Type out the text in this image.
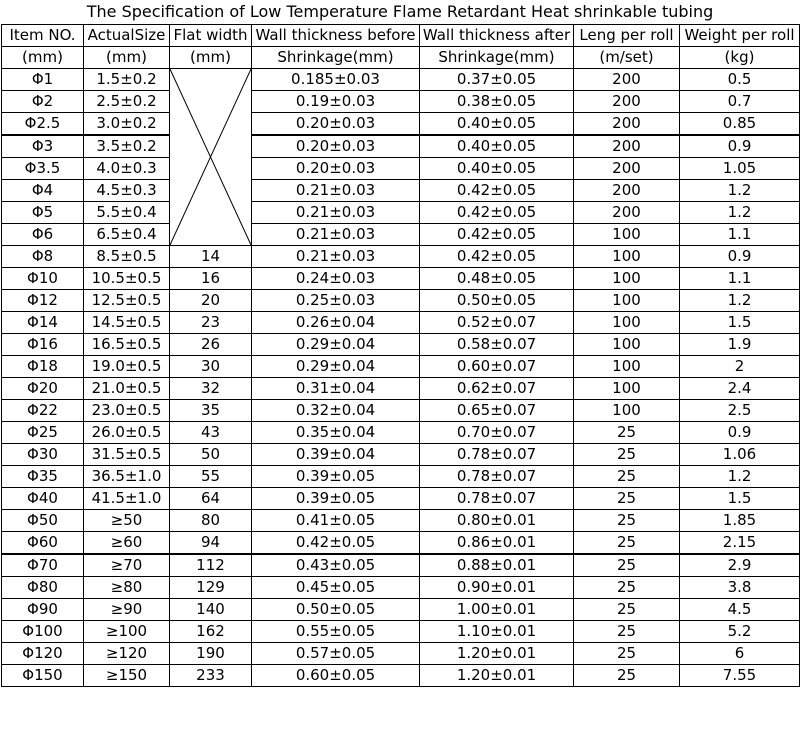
The Specification of Low Temperature Flame Retardant Heat shrinkable tubing
Item NO.	ActualSize	Flat width	Wall thickness before	Wall thickness after	Leng per roll	Weight per roll
(mm)	(mm)	(mm)	Shrinkage(mm)	Shrinkage(mm)	(m/set)	(kg)
Φ1	1.5±0.2		0.185±0.03	0.37±0.05	200	0.5
Φ2	2.5±0.2		0.19±0.03	0.38±0.05	200	0.7
Φ2.5	3.0±0.2		0.20±0.03	0.40±0.05	200	0.85
Φ3	3.5±0.2		0.20±0.03	0.40±0.05	200	0.9
Φ3.5	4.0±0.3		0.20±0.03	0.40±0.05	200	1.05
Φ4	4.5±0.3		0.21±0.03	0.42±0.05	200	1.2
Φ5	5.5±0.4		0.21±0.03	0.42±0.05	200	1.2
Φ6	6.5±0.4		0.21±0.03	0.42±0.05	100	1.1
Φ8	8.5±0.5	14	0.21±0.03	0.42±0.05	100	0.9
Φ10	10.5±0.5	16	0.24±0.03	0.48±0.05	100	1.1
Φ12	12.5±0.5	20	0.25±0.03	0.50±0.05	100	1.2
Φ14	14.5±0.5	23	0.26±0.04	0.52±0.07	100	1.5
Φ16	16.5±0.5	26	0.29±0.04	0.58±0.07	100	1.9
Φ18	19.0±0.5	30	0.29±0.04	0.60±0.07	100	2
Φ20	21.0±0.5	32	0.31±0.04	0.62±0.07	100	2.4
Φ22	23.0±0.5	35	0.32±0.04	0.65±0.07	100	2.5
Φ25	26.0±0.5	43	0.35±0.04	0.70±0.07	25	0.9
Φ30	31.5±0.5	50	0.39±0.04	0.78±0.07	25	1.06
Φ35	36.5±1.0	55	0.39±0.05	0.78±0.07	25	1.2
Φ40	41.5±1.0	64	0.39±0.05	0.78±0.07	25	1.5
Φ50	≥50	80	0.41±0.05	0.80±0.01	25	1.85
Φ60	≥60	94	0.42±0.05	0.86±0.01	25	2.15
Φ70	≥70	112	0.43±0.05	0.88±0.01	25	2.9
Φ80	≥80	129	0.45±0.05	0.90±0.01	25	3.8
Φ90	≥90	140	0.50±0.05	1.00±0.01	25	4.5
Φ100	≥100	162	0.55±0.05	1.10±0.01	25	5.2
Φ120	≥120	190	0.57±0.05	1.20±0.01	25	6
Φ150	≥150	233	0.60±0.05	1.20±0.01	25	7.55
